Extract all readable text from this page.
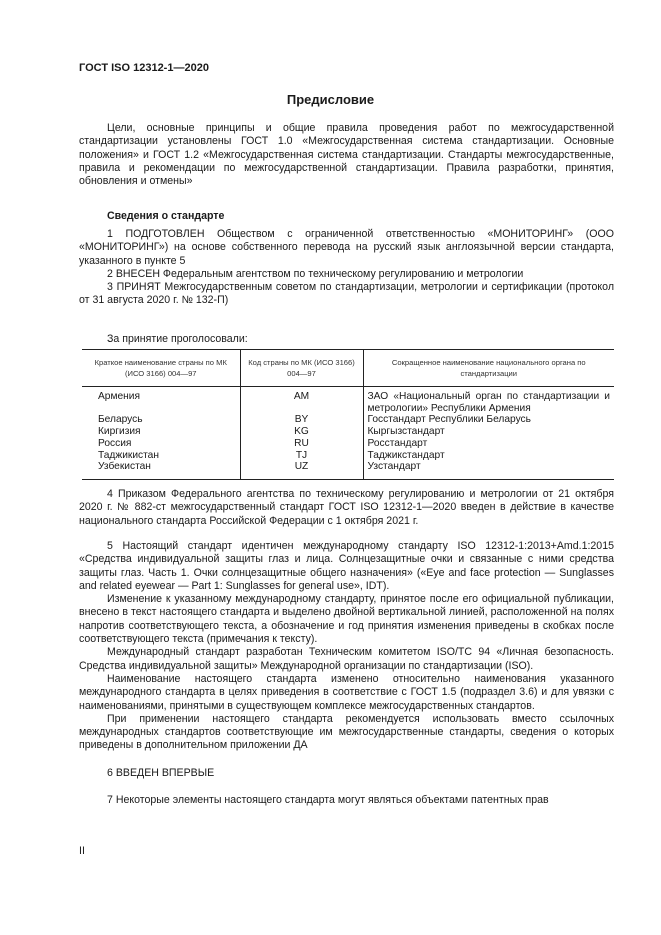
ГОСТ ISO 12312-1—2020
Предисловие

Цели, основные принципы и общие правила проведения работ по межгосударственной стандартизации установлены ГОСТ 1.0 «Межгосударственная система стандартизации. Основные положения» и ГОСТ 1.2 «Межгосударственная система стандартизации. Стандарты межгосударственные, правила и рекомендации по межгосударственной стандартизации. Правила разработки, принятия, обновления и отмены»

Сведения о стандарте

1 ПОДГОТОВЛЕН Обществом с ограниченной ответственностью «МОНИТОРИНГ» (ООО «МОНИТОРИНГ») на основе собственного перевода на русский язык англоязычной версии стандарта, указанного в пункте 5

2 ВНЕСЕН Федеральным агентством по техническому регулированию и метрологии

3 ПРИНЯТ Межгосударственным советом по стандартизации, метрологии и сертификации (протокол от 31 августа 2020 г. № 132-П)

За принятие проголосовали:
Краткое наименование страны по МК (ИСО 3166) 004—97	Код страны по МК (ИСО 3166) 004—97	Сокращенное наименование национального органа по стандартизации
Армения	AM	ЗАО «Национальный орган по стандартизации и метрологии» Республики Армения
Беларусь	BY	Госстандарт Республики Беларусь
Киргизия	KG	Кыргызстандарт
Россия	RU	Росстандарт
Таджикистан	TJ	Таджикстандарт
Узбекистан	UZ	Узстандарт

4 Приказом Федерального агентства по техническому регулированию и метрологии от 21 октября 2020 г. № 882-ст межгосударственный стандарт ГОСТ ISO 12312-1—2020 введен в действие в качестве национального стандарта Российской Федерации с 1 октября 2021 г.

5 Настоящий стандарт идентичен международному стандарту ISO 12312-1:2013+Amd.1:2015 «Средства индивидуальной защиты глаз и лица. Солнцезащитные очки и связанные с ними средства защиты глаз. Часть 1. Очки солнцезащитные общего назначения» («Eye and face protection — Sunglasses and related eyewear — Part 1: Sunglasses for general use», IDT).

Изменение к указанному международному стандарту, принятое после его официальной публикации, внесено в текст настоящего стандарта и выделено двойной вертикальной линией, расположенной на полях напротив соответствующего текста, а обозначение и год принятия изменения приведены в скобках после соответствующего текста (примечания к тексту).

Международный стандарт разработан Техническим комитетом ISO/TC 94 «Личная безопасность. Средства индивидуальной защиты» Международной организации по стандартизации (ISO).

Наименование настоящего стандарта изменено относительно наименования указанного международного стандарта в целях приведения в соответствие с ГОСТ 1.5 (подраздел 3.6) и для увязки с наименованиями, принятыми в существующем комплексе межгосударственных стандартов.

При применении настоящего стандарта рекомендуется использовать вместо ссылочных международных стандартов соответствующие им межгосударственные стандарты, сведения о которых приведены в дополнительном приложении ДА

6 ВВЕДЕН ВПЕРВЫЕ

7 Некоторые элементы настоящего стандарта могут являться объектами патентных прав

II
